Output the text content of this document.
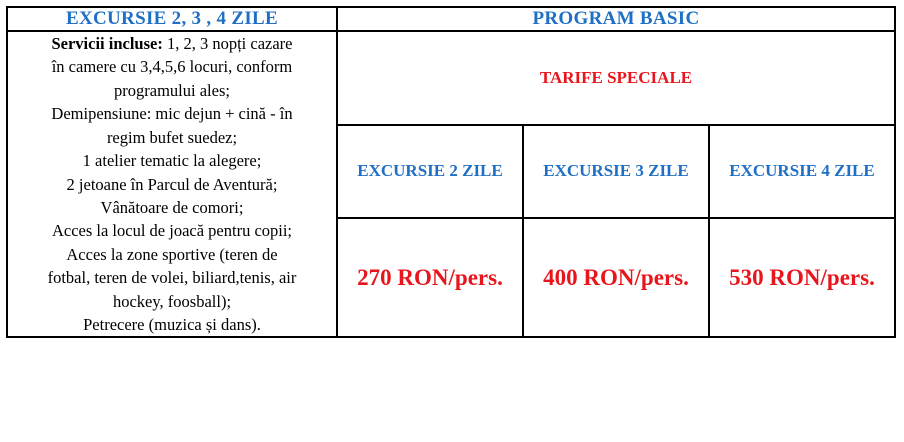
EXCURSIE 2, 3 , 4 ZILE	PROGRAM BASIC		

Servicii incluse: 1, 2, 3 nopți cazare
în camere cu 3,4,5,6 locuri, conform
programului ales;
Demipensiune: mic dejun + cină - în
regim bufet suedez;
1 atelier tematic la alegere;
2 jetoane în Parcul de Aventură;
Vânătoare de comori;
Acces la locul de joacă pentru copii;
Acces la zone sportive (teren de
fotbal, teren de volei, biliard,tenis, air
hockey, foosball);
Petrecere (muzica și dans).
	TARIFE SPECIALE
	EXCURSIE 2 ZILE	EXCURSIE 3 ZILE	EXCURSIE 4 ZILE
	270 RON/pers.	400 RON/pers.	530 RON/pers.
